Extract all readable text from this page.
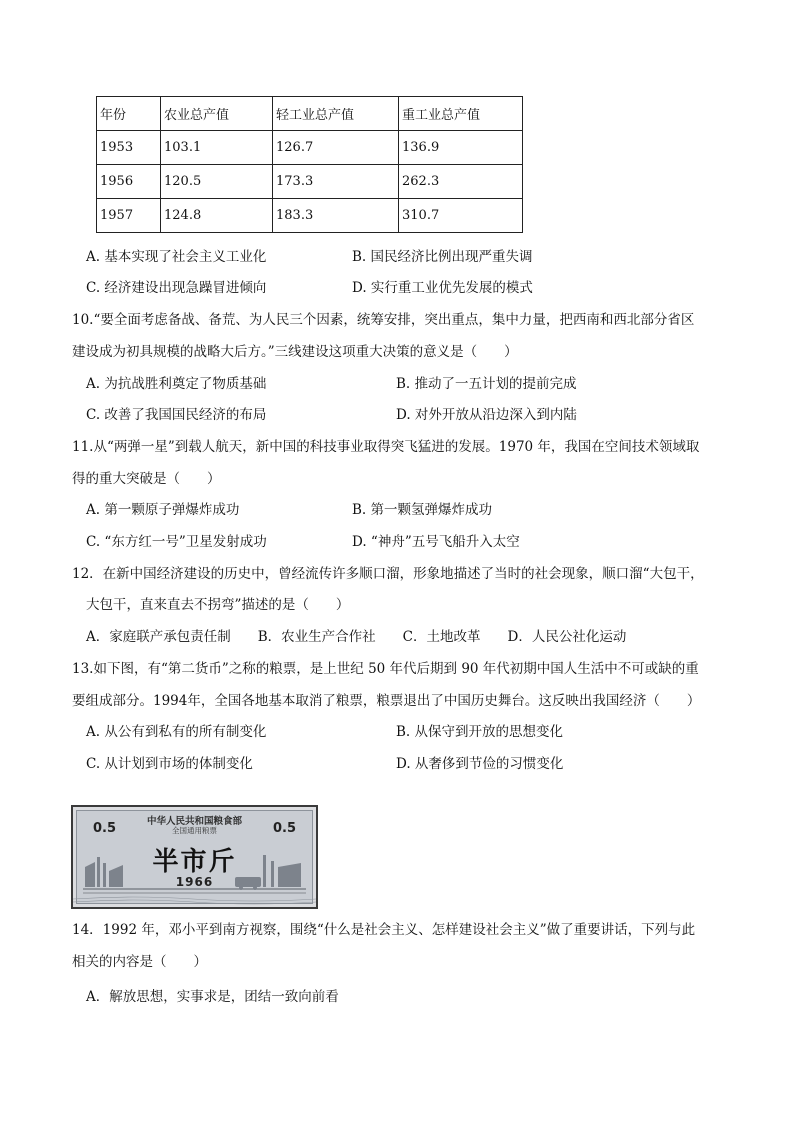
年份	农业总产值	轻工业总产值	重工业总产值
1953	103.1	126.7	136.9
1956	120.5	173.3	262.3
1957	124.8	183.3	310.7
A. 基本实现了社会主义工业化	B. 国民经济比例出现严重失调
C. 经济建设出现急躁冒进倾向	D. 实行重工业优先发展的模式
10.“要全面考虑备战、备荒、为人民三个因素，统筹安排，突出重点，集中力量，把西南和西北部分省区
建设成为初具规模的战略大后方。”三线建设这项重大决策的意义是（　　）
A. 为抗战胜利奠定了物质基础	B. 推动了一五计划的提前完成
C. 改善了我国国民经济的布局	D. 对外开放从沿边深入到内陆
11.从“两弹一星”到载人航天，新中国的科技事业取得突飞猛进的发展。1970 年，我国在空间技术领域取
得的重大突破是（　　）
A. 第一颗原子弹爆炸成功	B. 第一颗氢弹爆炸成功
C. “东方红一号”卫星发射成功	D. “神舟”五号飞船升入太空
12．在新中国经济建设的历史中，曾经流传许多顺口溜，形象地描述了当时的社会现象，顺口溜“大包干，
大包干，直来直去不拐弯”描述的是（　　）
A．家庭联产承包责任制　　B．农业生产合作社　　C．土地改革　　D．人民公社化运动
13.如下图，有“第二货币”之称的粮票，是上世纪 50 年代后期到 90 年代初期中国人生活中不可或缺的重
要组成部分。1994年，全国各地基本取消了粮票，粮票退出了中国历史舞台。这反映出我国经济（　　）
A. 从公有到私有的所有制变化	B. 从保守到开放的思想变化
C. 从计划到市场的体制变化	D. 从奢侈到节俭的习惯变化
中华人民共和国粮食部
全国通用粮票
0.5	0.5
半市斤
1966
14．1992 年，邓小平到南方视察，围绕“什么是社会主义、怎样建设社会主义”做了重要讲话，下列与此
相关的内容是（　　）
A．解放思想，实事求是，团结一致向前看
